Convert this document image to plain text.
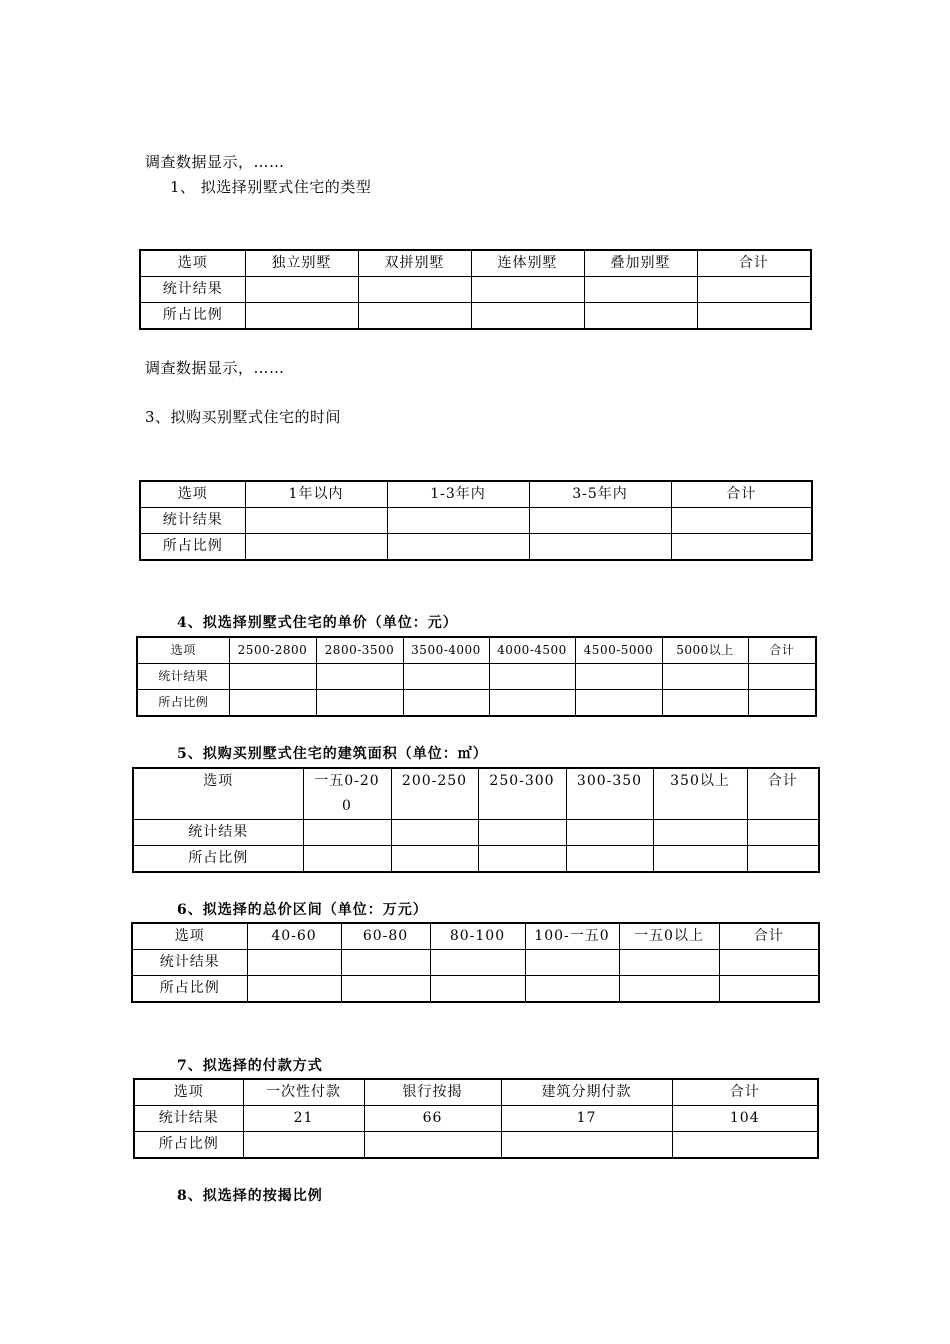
调查数据显示，……
1、 拟选择别墅式住宅的类型
选项	独立别墅	双拼别墅	连体别墅	叠加别墅	合计
统计结果					
所占比例					
调查数据显示，……
3、拟购买别墅式住宅的时间
选项	1年以内	1-3年内	3-5年内	合计
统计结果				
所占比例				
4、拟选择别墅式住宅的单价（单位：元）
选项	2500-2800	2800-3500	3500-4000	4000-4500	4500-5000	5000以上	合计
统计结果							
所占比例							
5、拟购买别墅式住宅的建筑面积（单位：㎡）
选项	一五0-200	200-250	250-300	300-350	350以上	合计
统计结果						
所占比例						
6、拟选择的总价区间（单位：万元）
选项	40-60	60-80	80-100	100-一五0	一五0以上	合计
统计结果						
所占比例						
7、拟选择的付款方式
选项	一次性付款	银行按揭	建筑分期付款	合计
统计结果	21	66	17	104
所占比例				
8、拟选择的按揭比例
